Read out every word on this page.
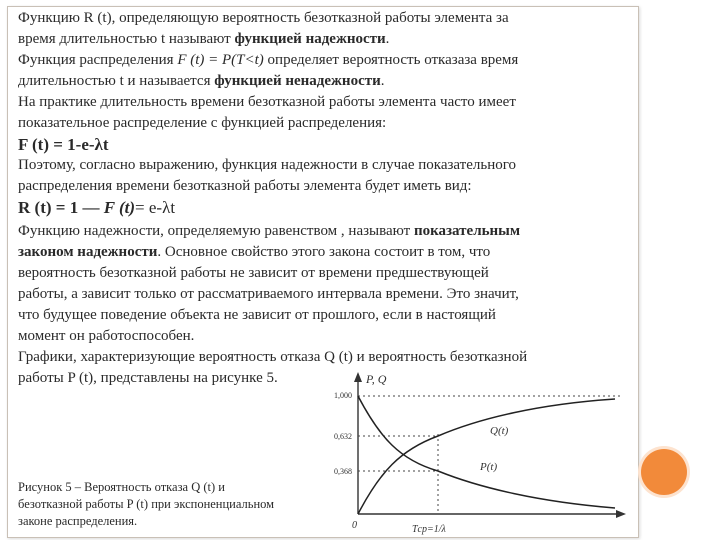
Функцию R (t), определяющую вероятность безотказной работы элемента за
время длительностью t называют функцией надежности.
Функция распределения F (t) = P(T<t) определяет вероятность отказаза время
длительностью t и называется функцией ненадежности.
На практике длительность времени безотказной работы элемента часто имеет
показательное распределение с функцией распределения:
F (t) = 1-e-λt
Поэтому, согласно выражению, функция надежности в случае показательного
распределения времени безотказной работы элемента будет иметь вид:
R (t) = 1 — F (t)= e-λt
Функцию надежности, определяемую равенством , называют показательным
законом надежности. Основное свойство этого закона состоит в том, что
вероятность безотказной работы не зависит от времени предшествующей
работы, а зависит только от рассматриваемого интервала времени. Это значит,
что будущее поведение объекта не зависит от прошлого, если в настоящий
момент он работоспособен.
Графики, характеризующие вероятность отказа Q (t) и вероятность безотказной
работы P (t), представлены на рисунке 5.
Рисунок 5 – Вероятность отказа Q (t) и
безотказной работы P (t) при экспоненциальном
законе распределения.
P, Q
1,000
0,632
0,368
0
Q(t)
P(t)
Tср=1/λ
